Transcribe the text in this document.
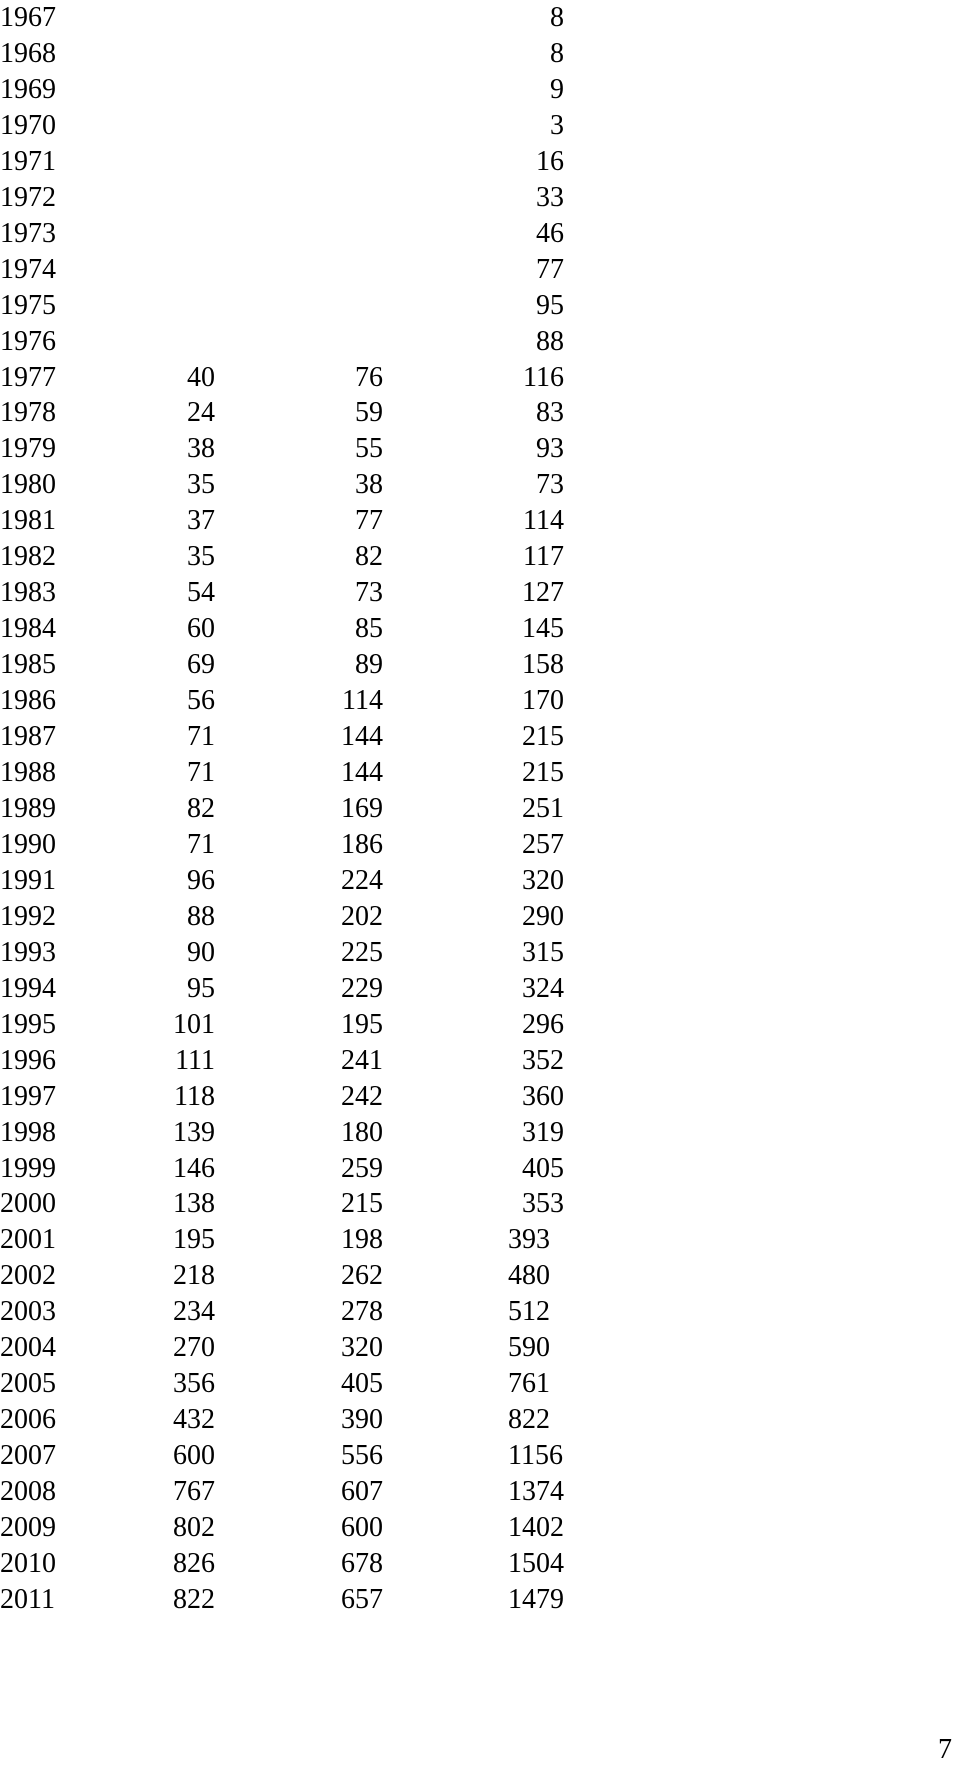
1967			8
1968			8
1969			9
1970			3
1971			16
1972			33
1973			46
1974			77
1975			95
1976			88
1977	40	76	116
1978	24	59	83
1979	38	55	93
1980	35	38	73
1981	37	77	114
1982	35	82	117
1983	54	73	127
1984	60	85	145
1985	69	89	158
1986	56	114	170
1987	71	144	215
1988	71	144	215
1989	82	169	251
1990	71	186	257
1991	96	224	320
1992	88	202	290
1993	90	225	315
1994	95	229	324
1995	101	195	296
1996	111	241	352
1997	118	242	360
1998	139	180	319
1999	146	259	405
2000	138	215	353
2001	195	198	393
2002	218	262	480
2003	234	278	512
2004	270	320	590
2005	356	405	761
2006	432	390	822
2007	600	556	1156
2008	767	607	1374
2009	802	600	1402
2010	826	678	1504
2011	822	657	1479
7
